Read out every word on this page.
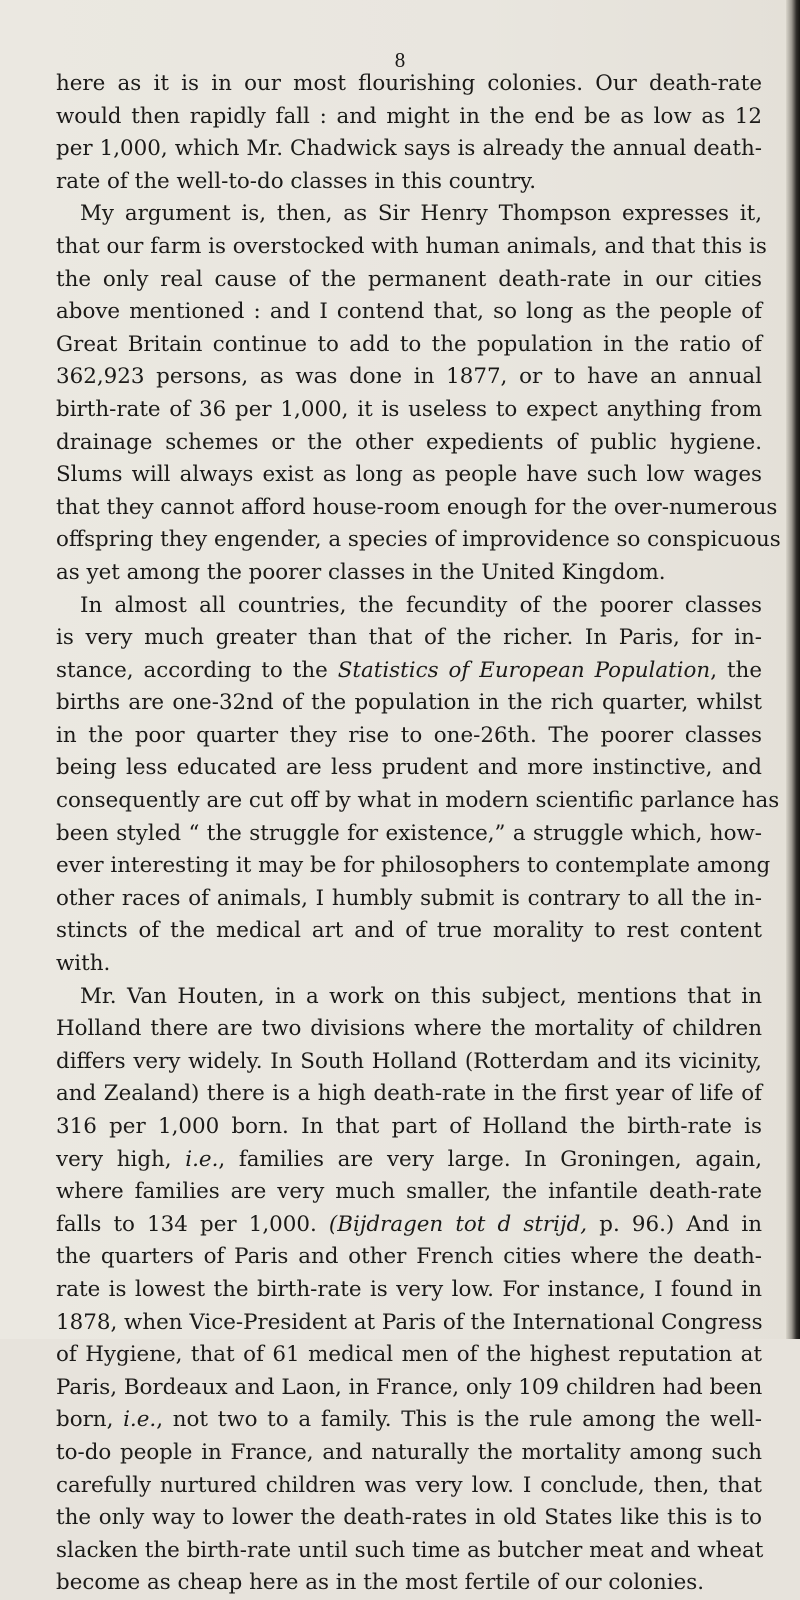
8
here as it is in our most flourishing colonies. Our death-rate
would then rapidly fall : and might in the end be as low as 12
per 1,000, which Mr. Chadwick says is already the annual death-
rate of the well-to-do classes in this country.
My argument is, then, as Sir Henry Thompson expresses it,
that our farm is overstocked with human animals, and that this is
the only real cause of the permanent death-rate in our cities
above mentioned : and I contend that, so long as the people of
Great Britain continue to add to the population in the ratio of
362,923 persons, as was done in 1877, or to have an annual
birth-rate of 36 per 1,000, it is useless to expect anything from
drainage schemes or the other expedients of public hygiene.
Slums will always exist as long as people have such low wages
that they cannot afford house-room enough for the over-numerous
offspring they engender, a species of improvidence so conspicuous
as yet among the poorer classes in the United Kingdom.
In almost all countries, the fecundity of the poorer classes
is very much greater than that of the richer. In Paris, for in-
stance, according to the Statistics of European Population, the
births are one-32nd of the population in the rich quarter, whilst
in the poor quarter they rise to one-26th. The poorer classes
being less educated are less prudent and more instinctive, and
consequently are cut off by what in modern scientific parlance has
been styled “ the struggle for existence,” a struggle which, how-
ever interesting it may be for philosophers to contemplate among
other races of animals, I humbly submit is contrary to all the in-
stincts of the medical art and of true morality to rest content
with.
Mr. Van Houten, in a work on this subject, mentions that in
Holland there are two divisions where the mortality of children
differs very widely. In South Holland (Rotterdam and its vicinity,
and Zealand) there is a high death-rate in the first year of life of
316 per 1,000 born. In that part of Holland the birth-rate is
very high, i.e., families are very large. In Groningen, again,
where families are very much smaller, the infantile death-rate
falls to 134 per 1,000. (Bijdragen tot d strijd, p. 96.) And in
the quarters of Paris and other French cities where the death-
rate is lowest the birth-rate is very low. For instance, I found in
1878, when Vice-President at Paris of the International Congress
of Hygiene, that of 61 medical men of the highest reputation at
Paris, Bordeaux and Laon, in France, only 109 children had been
born, i.e., not two to a family. This is the rule among the well-
to-do people in France, and naturally the mortality among such
carefully nurtured children was very low. I conclude, then, that
the only way to lower the death-rates in old States like this is to
slacken the birth-rate until such time as butcher meat and wheat
become as cheap here as in the most fertile of our colonies.
